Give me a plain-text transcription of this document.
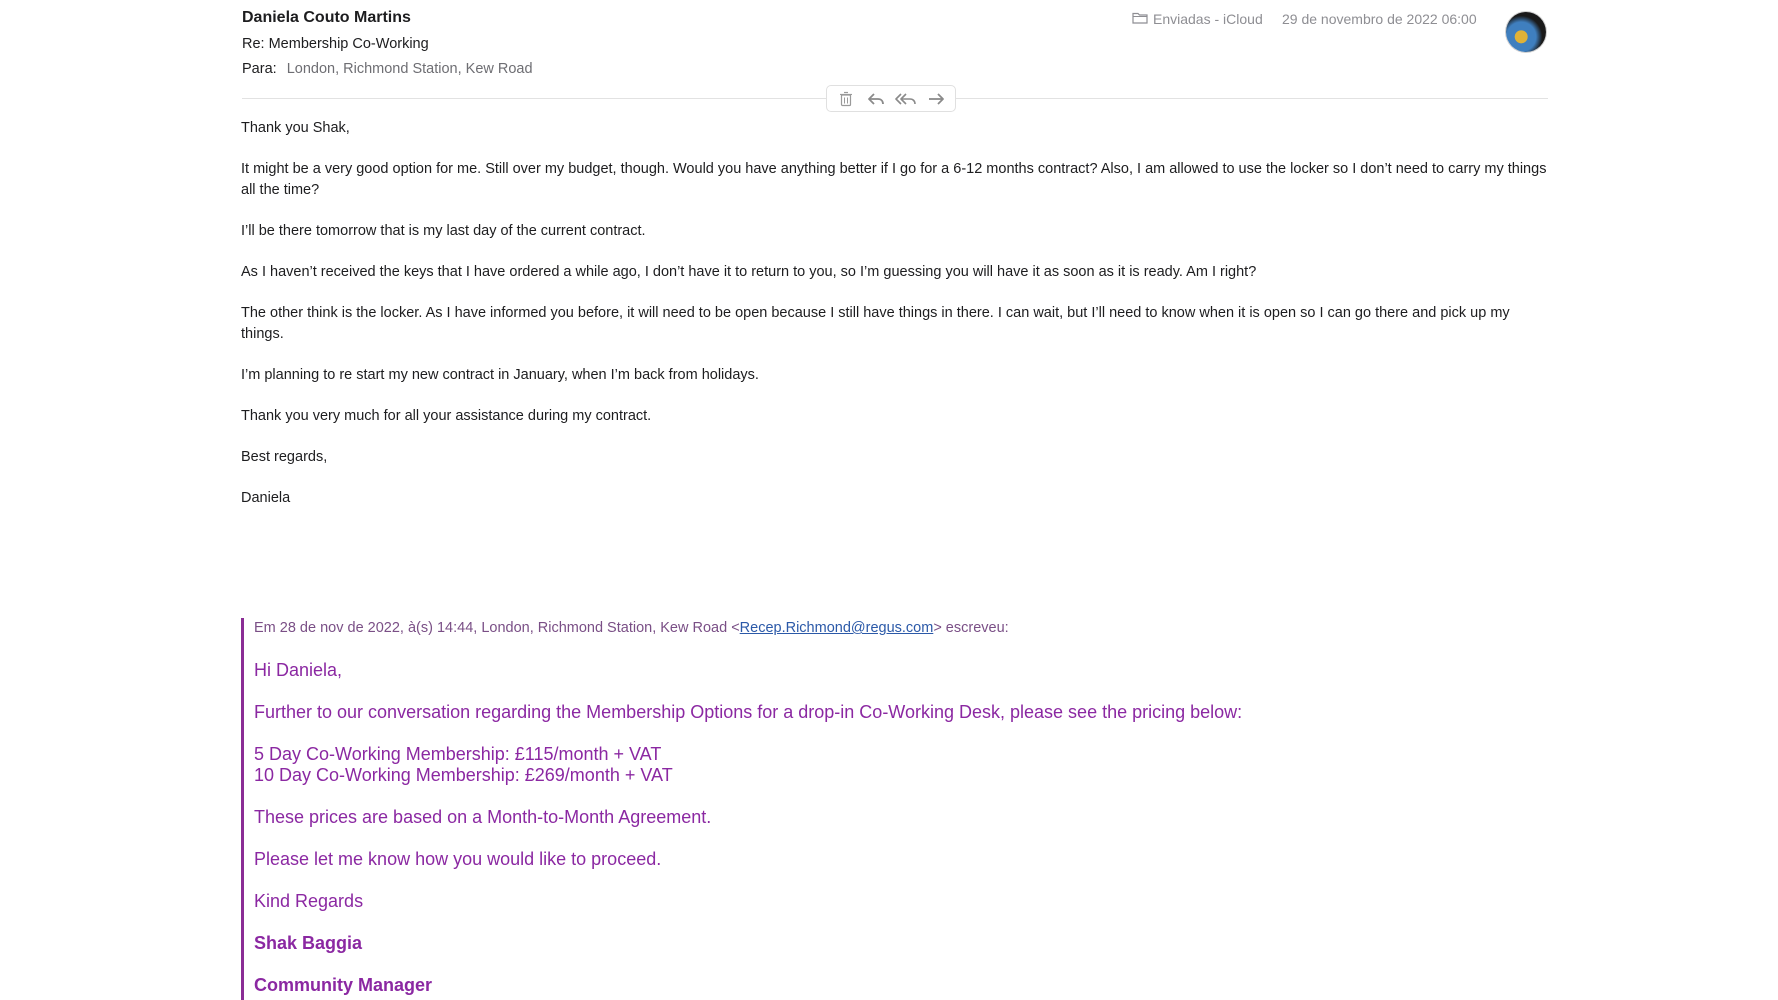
Daniela Couto Martins
Re: Membership Co-Working
Para: London, Richmond Station, Kew Road
Enviadas - iCloud 29 de novembro de 2022 06:00

Thank you Shak,

It might be a very good option for me. Still over my budget, though. Would you have anything better if I go for a 6-12 months contract? Also, I am allowed to use the locker so I don’t need to carry my things all the time?

I’ll be there tomorrow that is my last day of the current contract.

As I haven’t received the keys that I have ordered a while ago, I don’t have it to return to you, so I’m guessing you will have it as soon as it is ready. Am I right?

The other think is the locker. As I have informed you before, it will need to be open because I still have things in there. I can wait, but I’ll need to know when it is open so I can go there and pick up my things.

I’m planning to re start my new contract in January, when I’m back from holidays.

Thank you very much for all your assistance during my contract.

Best regards,

Daniela

Em 28 de nov de 2022, à(s) 14:44, London, Richmond Station, Kew Road <Recep.Richmond@regus.com> escreveu:

Hi Daniela,

Further to our conversation regarding the Membership Options for a drop-in Co-Working Desk, please see the pricing below:

5 Day Co-Working Membership: £115/month + VAT

10 Day Co-Working Membership: £269/month + VAT

These prices are based on a Month-to-Month Agreement.

Please let me know how you would like to proceed.

Kind Regards

Shak Baggia

Community Manager
